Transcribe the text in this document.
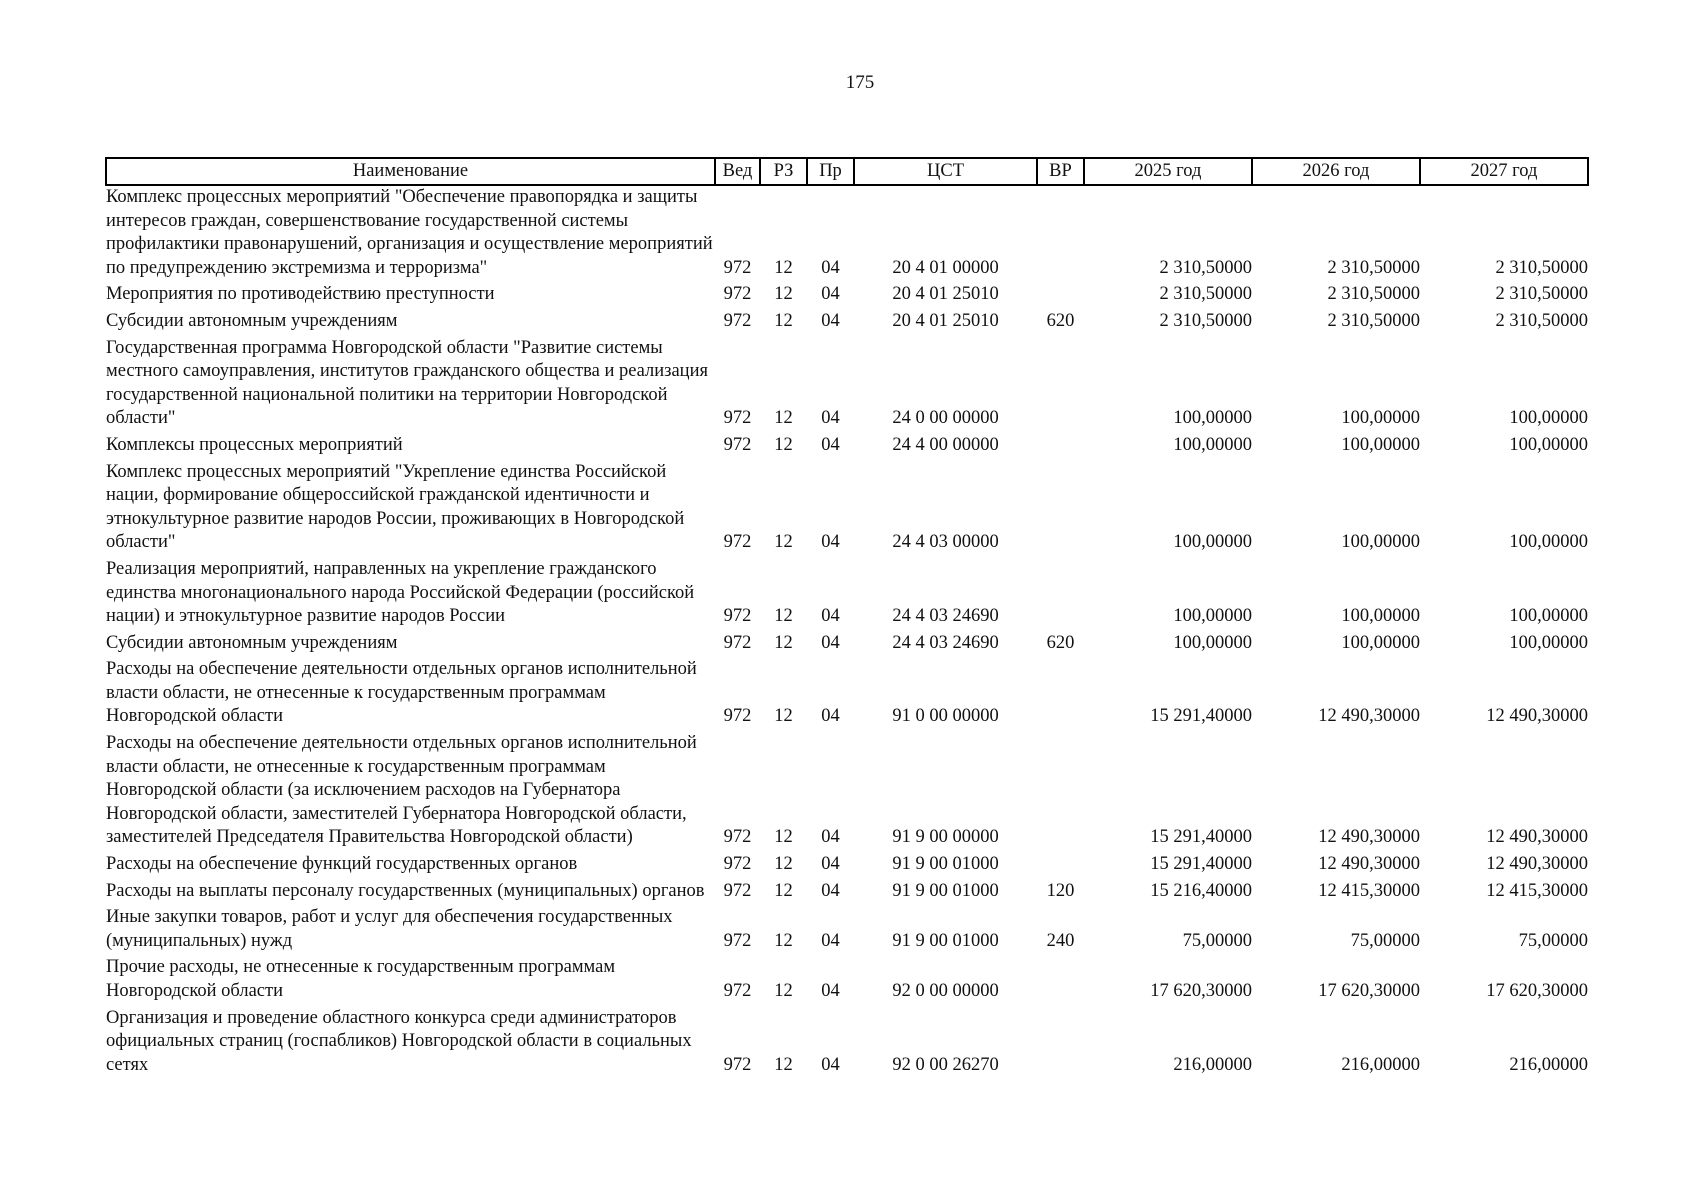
175
Наименование	Вед	РЗ	Пр	ЦСТ	ВР	2025 год	2026 год	2027 год
Комплекс процессных мероприятий "Обеспечение правопорядка и защиты интересов граждан, совершенствование государственной системы профилактики правонарушений, организация и осуществление мероприятий по предупреждению экстремизма и терроризма"	972	12	04	20 4 01 00000		2 310,50000	2 310,50000	2 310,50000
Мероприятия по противодействию преступности	972	12	04	20 4 01 25010		2 310,50000	2 310,50000	2 310,50000
Субсидии автономным учреждениям	972	12	04	20 4 01 25010	620	2 310,50000	2 310,50000	2 310,50000
Государственная программа Новгородской области "Развитие системы местного самоуправления, институтов гражданского общества и реализация государственной национальной политики на территории Новгородской области"	972	12	04	24 0 00 00000		100,00000	100,00000	100,00000
Комплексы процессных мероприятий	972	12	04	24 4 00 00000		100,00000	100,00000	100,00000
Комплекс процессных мероприятий "Укрепление единства Российской нации, формирование общероссийской гражданской идентичности и этнокультурное развитие народов России, проживающих в Новгородской области"	972	12	04	24 4 03 00000		100,00000	100,00000	100,00000
Реализация мероприятий, направленных на укрепление гражданского единства многонационального народа Российской Федерации (российской нации) и этнокультурное развитие народов России	972	12	04	24 4 03 24690		100,00000	100,00000	100,00000
Субсидии автономным учреждениям	972	12	04	24 4 03 24690	620	100,00000	100,00000	100,00000
Расходы на обеспечение деятельности отдельных органов исполнительной власти области, не отнесенные к государственным программам Новгородской области	972	12	04	91 0 00 00000		15 291,40000	12 490,30000	12 490,30000
Расходы на обеспечение деятельности отдельных органов исполнительной власти области, не отнесенные к государственным программам Новгородской области (за исключением расходов на Губернатора Новгородской области, заместителей Губернатора Новгородской области, заместителей Председателя Правительства Новгородской области)	972	12	04	91 9 00 00000		15 291,40000	12 490,30000	12 490,30000
Расходы на обеспечение функций государственных органов	972	12	04	91 9 00 01000		15 291,40000	12 490,30000	12 490,30000
Расходы на выплаты персоналу государственных (муниципальных) органов	972	12	04	91 9 00 01000	120	15 216,40000	12 415,30000	12 415,30000
Иные закупки товаров, работ и услуг для обеспечения государственных (муниципальных) нужд	972	12	04	91 9 00 01000	240	75,00000	75,00000	75,00000
Прочие расходы, не отнесенные к государственным программам Новгородской области	972	12	04	92 0 00 00000		17 620,30000	17 620,30000	17 620,30000
Организация и проведение областного конкурса среди администраторов официальных страниц (госпабликов) Новгородской области в социальных сетях	972	12	04	92 0 00 26270		216,00000	216,00000	216,00000
